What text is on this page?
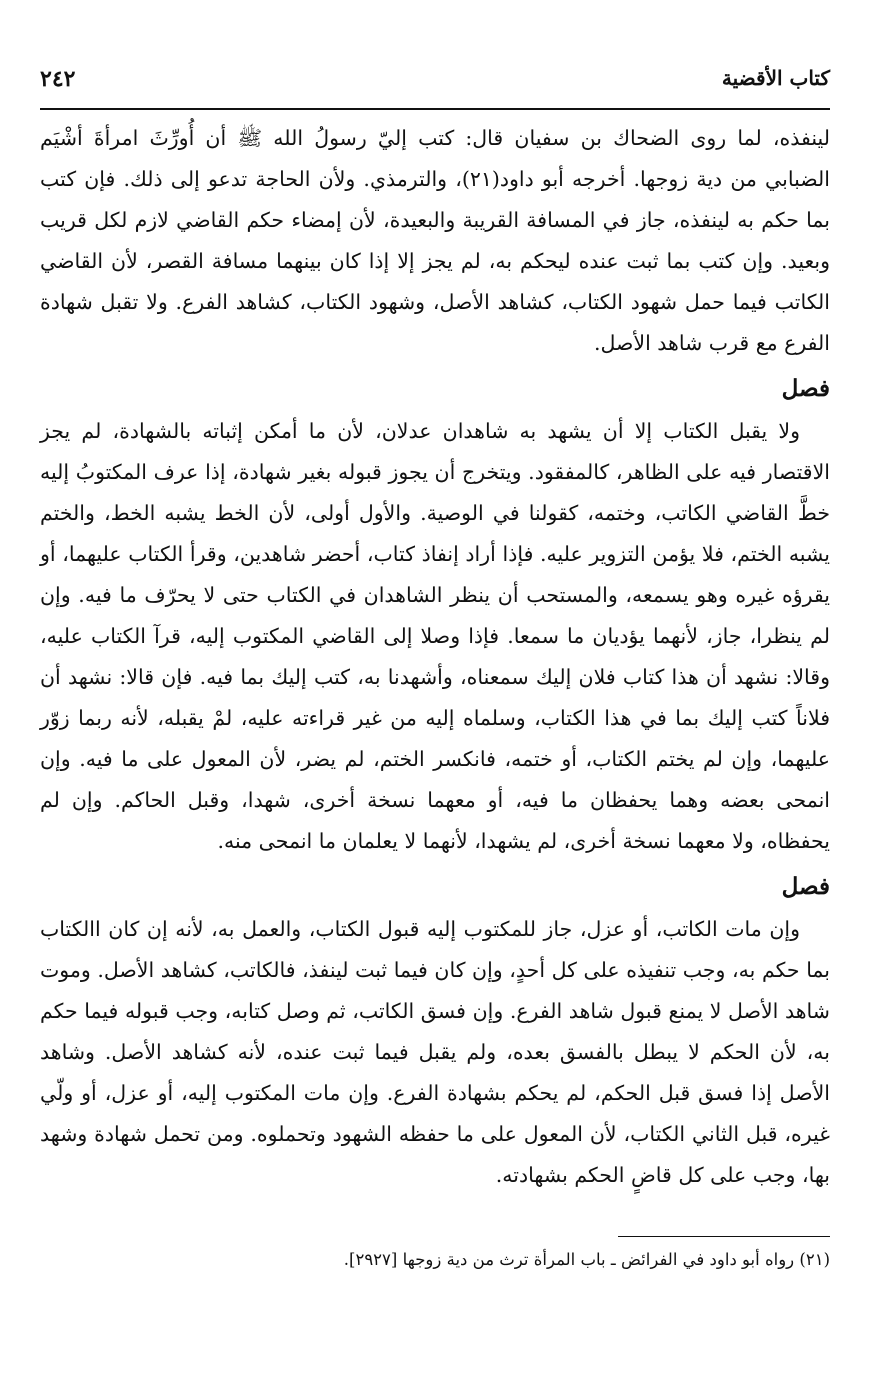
٢٤٢	كتاب الأقضية

لينفذه، لما روى الضحاك بن سفيان قال: كتب إليّ رسولُ الله ﷺ أن أُورِّثَ امرأةَ أشْيَم الضبابي من دية زوجها. أخرجه أبو داود(٢١)، والترمذي. ولأن الحاجة تدعو إلى ذلك. فإن كتب بما حكم به لينفذه، جاز في المسافة القريبة والبعيدة، لأن إمضاء حكم القاضي لازم لكل قريب وبعيد. وإن كتب بما ثبت عنده ليحكم به، لم يجز إلا إذا كان بينهما مسافة القصر، لأن القاضي الكاتب فيما حمل شهود الكتاب، كشاهد الأصل، وشهود الكتاب، كشاهد الفرع. ولا تقبل شهادة الفرع مع قرب شاهد الأصل.

فصل

ولا يقبل الكتاب إلا أن يشهد به شاهدان عدلان، لأن ما أمكن إثباته بالشهادة، لم يجز الاقتصار فيه على الظاهر، كالمفقود. ويتخرج أن يجوز قبوله بغير شهادة، إذا عرف المكتوبُ إليه خطَّ القاضي الكاتب، وختمه، كقولنا في الوصية. والأول أولى، لأن الخط يشبه الخط، والختم يشبه الختم، فلا يؤمن التزوير عليه. فإذا أراد إنفاذ كتاب، أحضر شاهدين، وقرأ الكتاب عليهما، أو يقرؤه غيره وهو يسمعه، والمستحب أن ينظر الشاهدان في الكتاب حتى لا يحرّف ما فيه. وإن لم ينظرا، جاز، لأنهما يؤديان ما سمعا. فإذا وصلا إلى القاضي المكتوب إليه، قرآ الكتاب عليه، وقالا: نشهد أن هذا كتاب فلان إليك سمعناه، وأشهدنا به، كتب إليك بما فيه. فإن قالا: نشهد أن فلاناً كتب إليك بما في هذا الكتاب، وسلماه إليه من غير قراءته عليه، لمْ يقبله، لأنه ربما زوّر عليهما، وإن لم يختم الكتاب، أو ختمه، فانكسر الختم، لم يضر، لأن المعول على ما فيه. وإن انمحى بعضه وهما يحفظان ما فيه، أو معهما نسخة أخرى، شهدا، وقبل الحاكم. وإن لم يحفظاه، ولا معهما نسخة أخرى، لم يشهدا، لأنهما لا يعلمان ما انمحى منه.

فصل

وإن مات الكاتب، أو عزل، جاز للمكتوب إليه قبول الكتاب، والعمل به، لأنه إن كان االكتاب بما حكم به، وجب تنفيذه على كل أحدٍ، وإن كان فيما ثبت لينفذ، فالكاتب، كشاهد الأصل. وموت شاهد الأصل لا يمنع قبول شاهد الفرع. وإن فسق الكاتب، ثم وصل كتابه، وجب قبوله فيما حكم به، لأن الحكم لا يبطل بالفسق بعده، ولم يقبل فيما ثبت عنده، لأنه كشاهد الأصل. وشاهد الأصل إذا فسق قبل الحكم، لم يحكم بشهادة الفرع. وإن مات المكتوب إليه، أو عزل، أو ولّي غيره، قبل الثاني الكتاب، لأن المعول على ما حفظه الشهود وتحملوه. ومن تحمل شهادة وشهد بها، وجب على كل قاضٍ الحكم بشهادته.

(٢١) رواه أبو داود في الفرائض ـ باب المرأة ترث من دية زوجها [٢٩٢٧].
